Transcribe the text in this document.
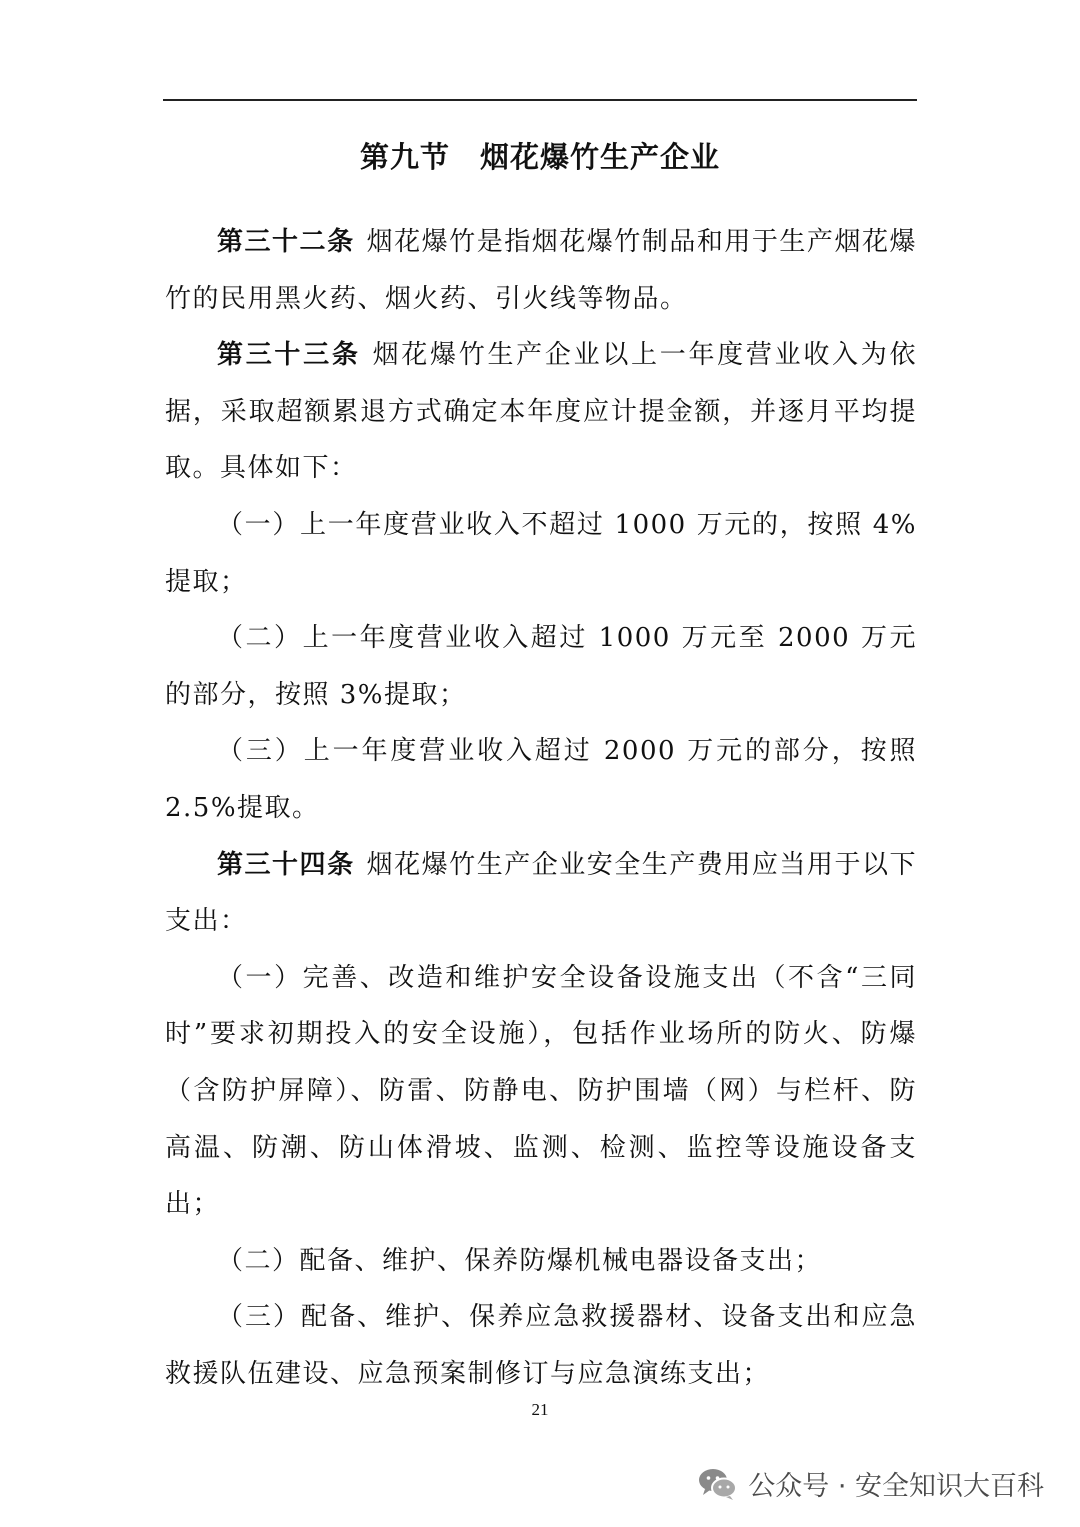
第九节 烟花爆竹生产企业

第三十二条 烟花爆竹是指烟花爆竹制品和用于生产烟花爆竹的民用黑火药、烟火药、引火线等物品。

第三十三条 烟花爆竹生产企业以上一年度营业收入为依据，采取超额累退方式确定本年度应计提金额，并逐月平均提取。具体如下：

（一）上一年度营业收入不超过 1000 万元的，按照 4%提取；

（二）上一年度营业收入超过 1000 万元至 2000 万元的部分，按照 3%提取；

（三）上一年度营业收入超过 2000 万元的部分，按照 2.5%提取。

第三十四条 烟花爆竹生产企业安全生产费用应当用于以下支出：

（一）完善、改造和维护安全设备设施支出（不含“三同时”要求初期投入的安全设施），包括作业场所的防火、防爆（含防护屏障）、防雷、防静电、防护围墙（网）与栏杆、防高温、防潮、防山体滑坡、监测、检测、监控等设施设备支出；

（二）配备、维护、保养防爆机械电器设备支出；

（三）配备、维护、保养应急救援器材、设备支出和应急救援队伍建设、应急预案制修订与应急演练支出；

21
公众号 · 安全知识大百科
